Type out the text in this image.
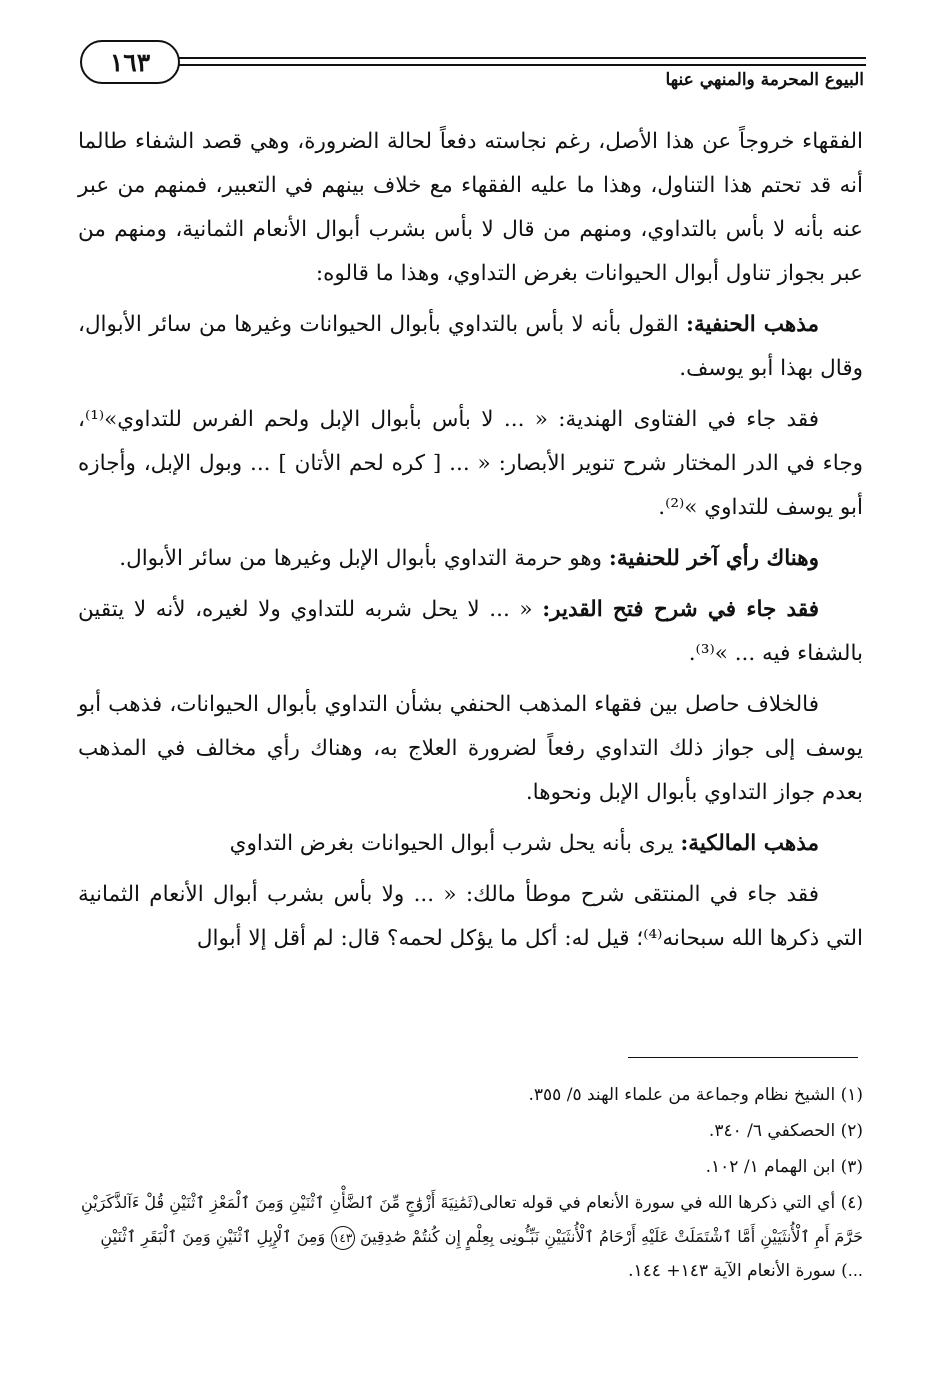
١٦٣
البيوع المحرمة والمنهي عنها

الفقهاء خروجاً عن هذا الأصل، رغم نجاسته دفعاً لحالة الضرورة، وهي قصد الشفاء طالما أنه قد تحتم هذا التناول، وهذا ما عليه الفقهاء مع خلاف بينهم في التعبير، فمنهم من عبر عنه بأنه لا بأس بالتداوي، ومنهم من قال لا بأس بشرب أبوال الأنعام الثمانية، ومنهم من عبر بجواز تناول أبوال الحيوانات بغرض التداوي، وهذا ما قالوه:

مذهب الحنفية: القول بأنه لا بأس بالتداوي بأبوال الحيوانات وغيرها من سائر الأبوال، وقال بهذا أبو يوسف.

فقد جاء في الفتاوى الهندية: « ... لا بأس بأبوال الإبل ولحم الفرس للتداوي»⁽¹⁾، وجاء في الدر المختار شرح تنوير الأبصار: « ... [ كره لحم الأتان ] ... وبول الإبل، وأجازه أبو يوسف للتداوي »⁽²⁾.

وهناك رأي آخر للحنفية: وهو حرمة التداوي بأبوال الإبل وغيرها من سائر الأبوال.

فقد جاء في شرح فتح القدير: « ... لا يحل شربه للتداوي ولا لغيره، لأنه لا يتقين بالشفاء فيه ... »⁽³⁾.

فالخلاف حاصل بين فقهاء المذهب الحنفي بشأن التداوي بأبوال الحيوانات، فذهب أبو يوسف إلى جواز ذلك التداوي رفعاً لضرورة العلاج به، وهناك رأي مخالف في المذهب بعدم جواز التداوي بأبوال الإبل ونحوها.

مذهب المالكية: يرى بأنه يحل شرب أبوال الحيوانات بغرض التداوي

فقد جاء في المنتقى شرح موطأ مالك: « ... ولا بأس بشرب أبوال الأنعام الثمانية التي ذكرها الله سبحانه⁽⁴⁾؛ قيل له: أكل ما يؤكل لحمه؟ قال: لم أقل إلا أبوال

(١) الشيخ نظام وجماعة من علماء الهند ٥/ ٣٥٥.
(٢) الحصكفي ٦/ ٣٤٠.
(٣) ابن الهمام ١/ ١٠٢.
(٤) أي التي ذكرها الله في سورة الأنعام في قوله تعالى(ثَمَٰنِيَةَ أَزْوَٰجٍ مِّنَ ٱلضَّأْنِ ٱثْنَيْنِ وَمِنَ ٱلْمَعْزِ ٱثْنَيْنِ قُلْ ءَآلذَّكَرَيْنِ حَرَّمَ أَمِ ٱلْأُنثَيَيْنِ أَمَّا ٱشْتَمَلَتْ عَلَيْهِ أَرْحَامُ ٱلْأُنثَيَيْنِ نَبِّـُٔونِى بِعِلْمٍ إِن كُنتُمْ صَٰدِقِينَ ١٤٣ وَمِنَ ٱلْإِبِلِ ٱثْنَيْنِ وَمِنَ ٱلْبَقَرِ ٱثْنَيْنِ ...) سورة الأنعام الآية ١٤٣+ ١٤٤.
